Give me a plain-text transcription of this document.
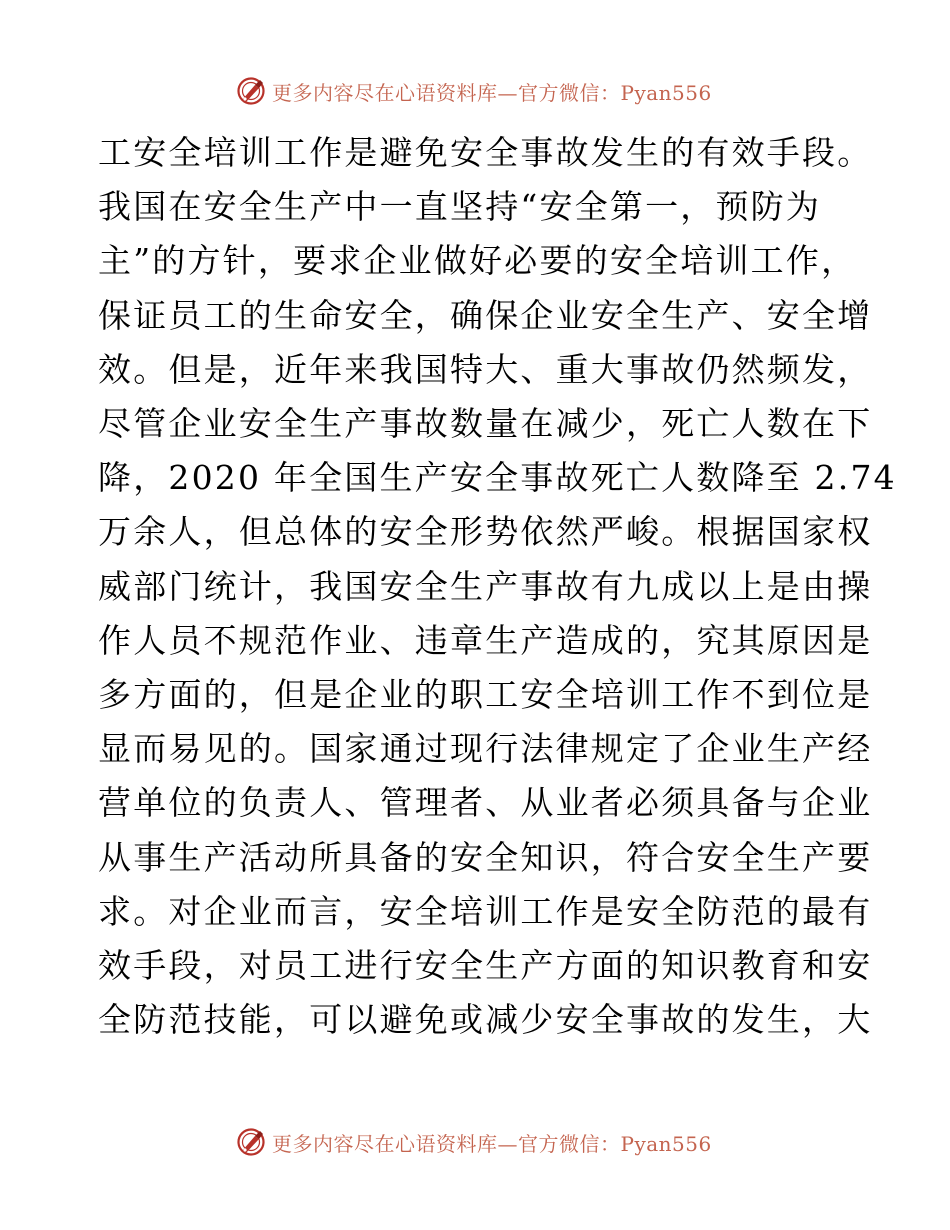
更多内容尽在心语资料库—官方微信：Pyan556
工安全培训工作是避免安全事故发生的有效手段。
我国在安全生产中一直坚持“安全第一，预防为
主”的方针，要求企业做好必要的安全培训工作，
保证员工的生命安全，确保企业安全生产、安全增
效。但是，近年来我国特大、重大事故仍然频发，
尽管企业安全生产事故数量在减少，死亡人数在下
降，2020 年全国生产安全事故死亡人数降至 2.74
万余人，但总体的安全形势依然严峻。根据国家权
威部门统计，我国安全生产事故有九成以上是由操
作人员不规范作业、违章生产造成的，究其原因是
多方面的，但是企业的职工安全培训工作不到位是
显而易见的。国家通过现行法律规定了企业生产经
营单位的负责人、管理者、从业者必须具备与企业
从事生产活动所具备的安全知识，符合安全生产要
求。对企业而言，安全培训工作是安全防范的最有
效手段，对员工进行安全生产方面的知识教育和安
全防范技能，可以避免或减少安全事故的发生，大
更多内容尽在心语资料库—官方微信：Pyan556
